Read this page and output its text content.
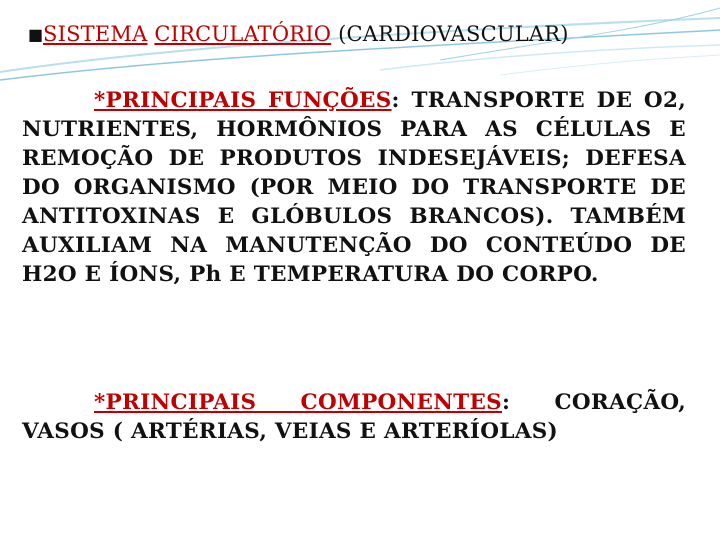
■SISTEMA CIRCULATÓRIO (CARDIOVASCULAR)
*PRINCIPAIS FUNÇÕES: TRANSPORTE DE O2, NUTRIENTES, HORMÔNIOS PARA AS CÉLULAS E REMOÇÃO DE PRODUTOS INDESEJÁVEIS; DEFESA DO ORGANISMO (POR MEIO DO TRANSPORTE DE ANTITOXINAS E GLÓBULOS BRANCOS). TAMBÉM AUXILIAM NA MANUTENÇÃO DO CONTEÚDO DE H2O E ÍONS, Ph E TEMPERATURA DO CORPO.
*PRINCIPAIS COMPONENTES: CORAÇÃO, VASOS ( ARTÉRIAS, VEIAS E ARTERÍOLAS)
